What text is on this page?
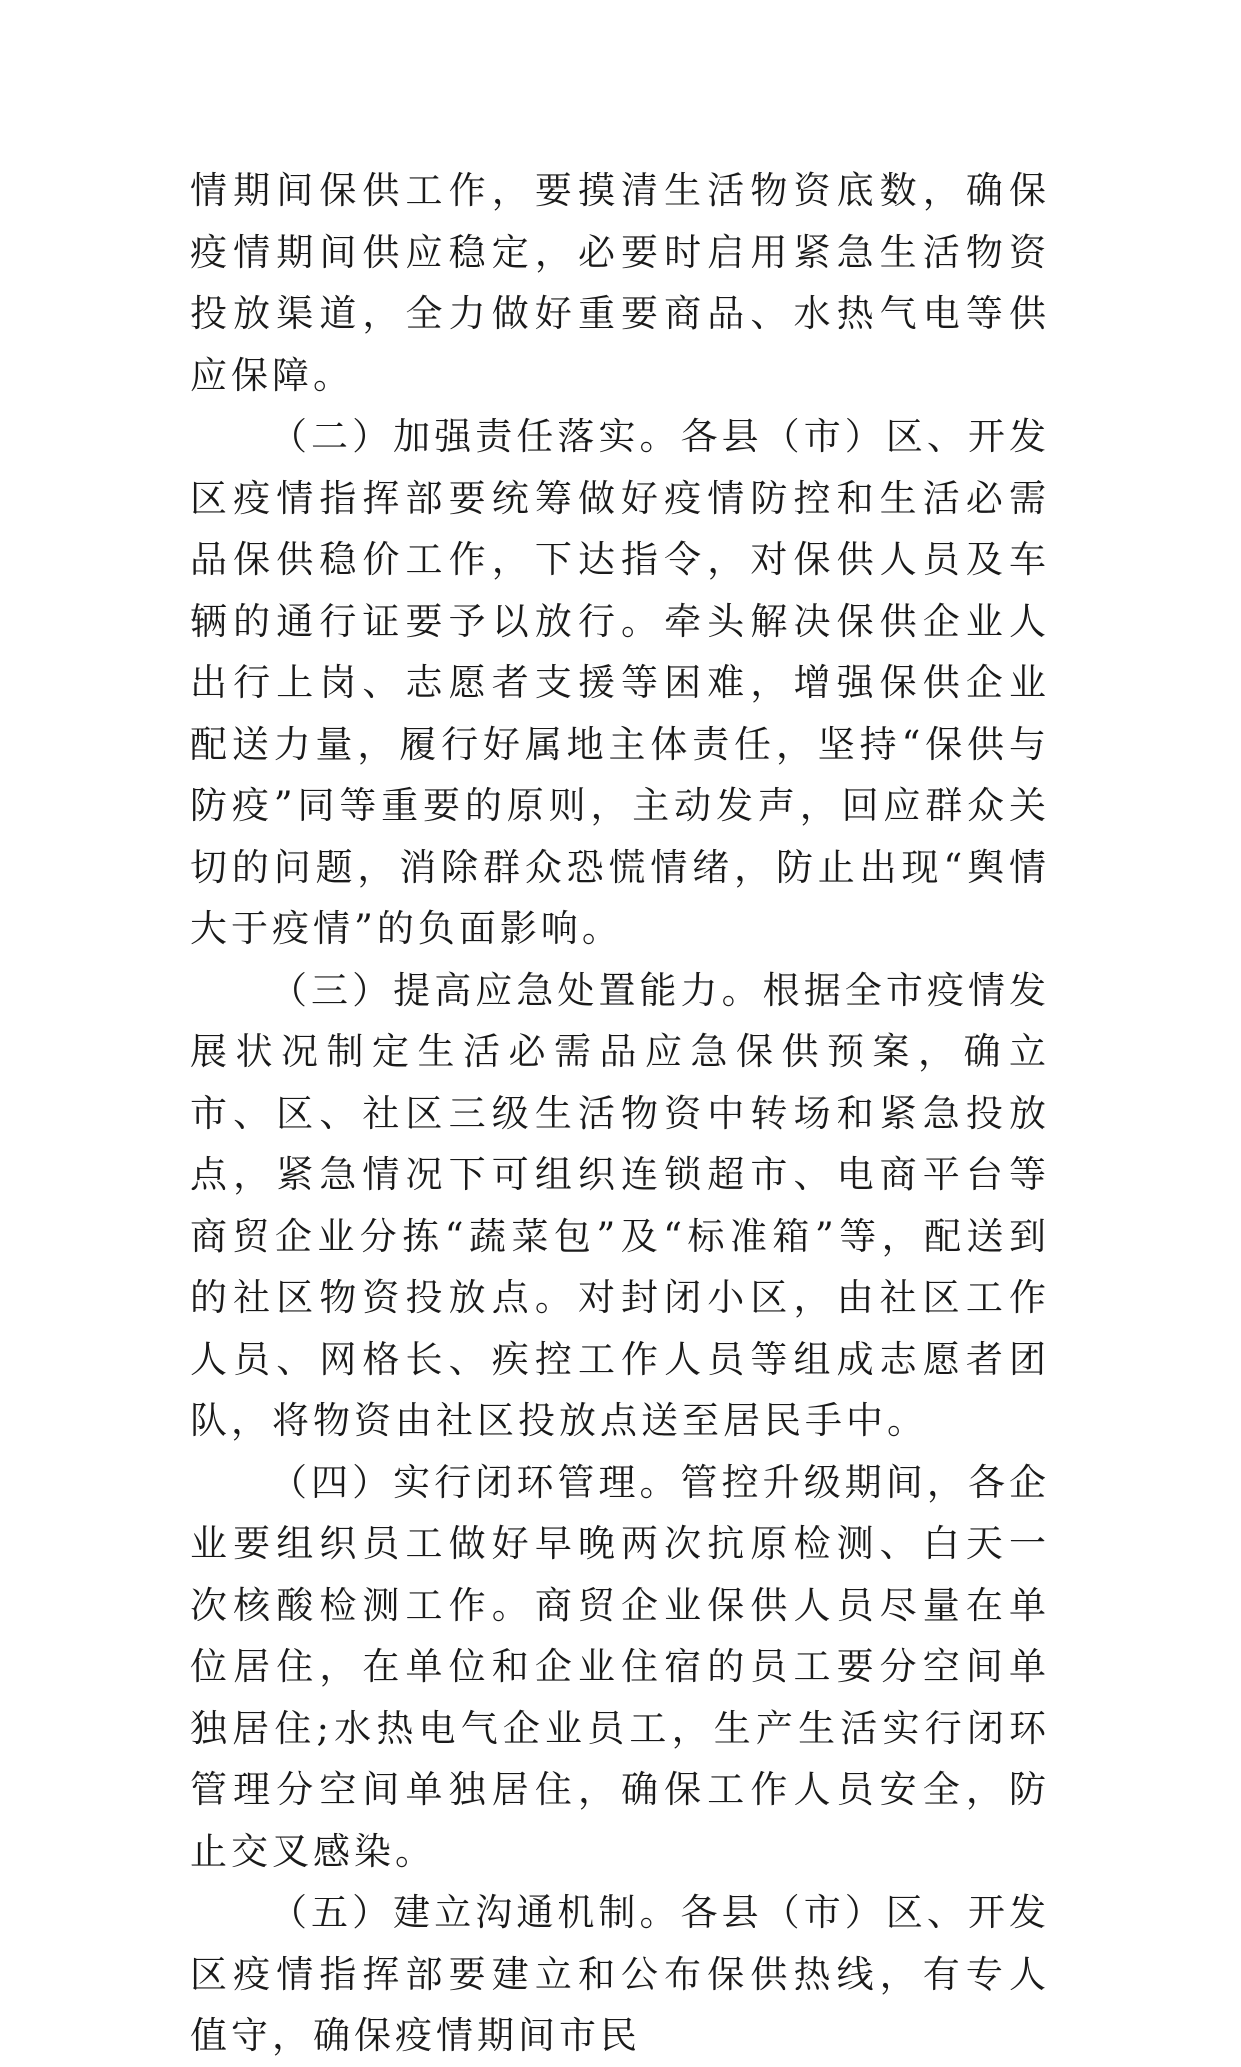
情期间保供工作，要摸清生活物资底数，确保疫情期间供应稳定，必要时启用紧急生活物资投放渠道，全力做好重要商品、水热气电等供应保障。

（二）加强责任落实。各县（市）区、开发区疫情指挥部要统筹做好疫情防控和生活必需品保供稳价工作，下达指令，对保供人员及车辆的通行证要予以放行。牵头解决保供企业人出行上岗、志愿者支援等困难，增强保供企业配送力量，履行好属地主体责任，坚持“保供与防疫”同等重要的原则，主动发声，回应群众关切的问题，消除群众恐慌情绪，防止出现“舆情大于疫情”的负面影响。

（三）提高应急处置能力。根据全市疫情发展状况制定生活必需品应急保供预案，确立市、区、社区三级生活物资中转场和紧急投放点，紧急情况下可组织连锁超市、电商平台等商贸企业分拣“蔬菜包”及“标准箱”等，配送到的社区物资投放点。对封闭小区，由社区工作人员、网格长、疾控工作人员等组成志愿者团队，将物资由社区投放点送至居民手中。

（四）实行闭环管理。管控升级期间，各企业要组织员工做好早晚两次抗原检测、白天一次核酸检测工作。商贸企业保供人员尽量在单位居住，在单位和企业住宿的员工要分空间单独居住;水热电气企业员工，生产生活实行闭环管理分空间单独居住，确保工作人员安全，防止交叉感染。

（五）建立沟通机制。各县（市）区、开发区疫情指挥部要建立和公布保供热线，有专人值守，确保疫情期间市民
